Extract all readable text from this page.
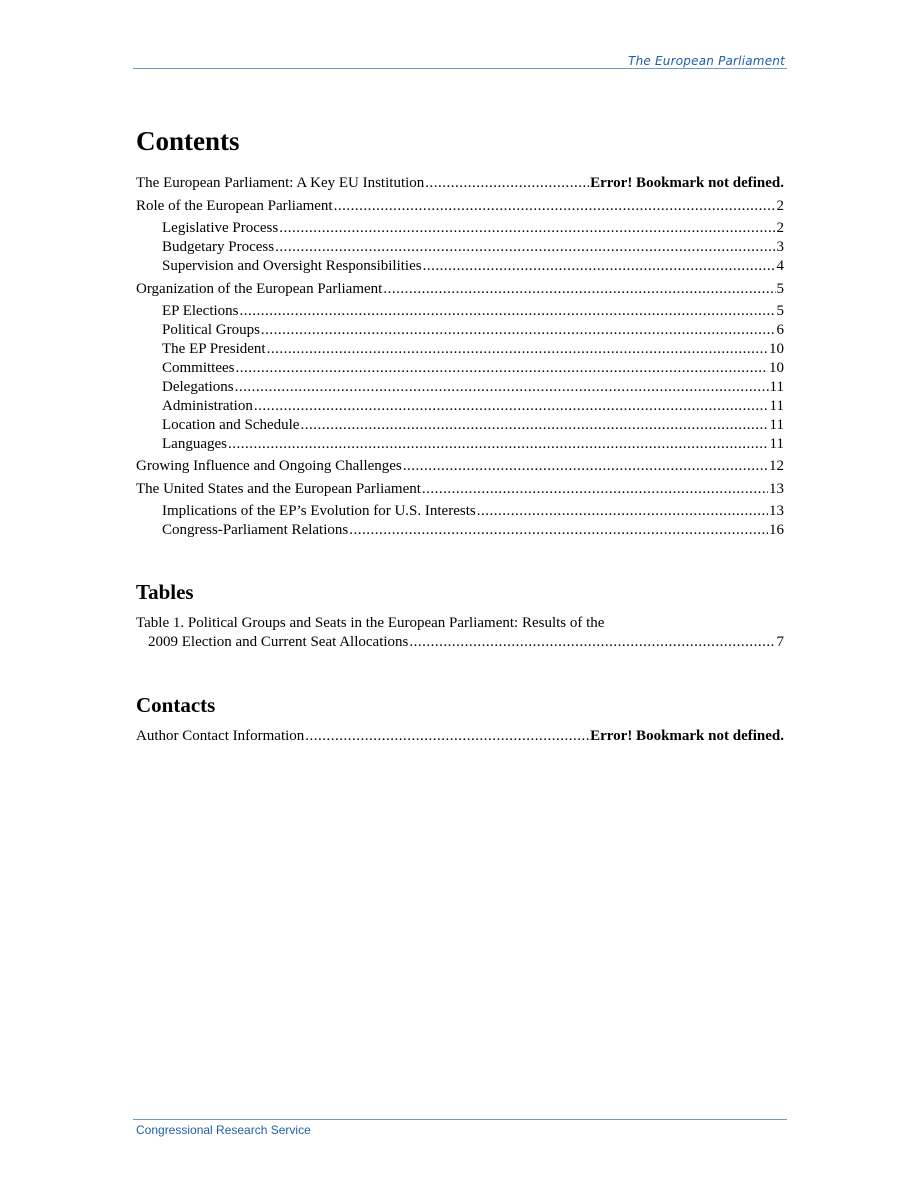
The European Parliament
Contents
The European Parliament: A Key EU Institution .....	Error! Bookmark not defined.
Role of the European Parliament .....	2
Legislative Process .....	2
Budgetary Process .....	3
Supervision and Oversight Responsibilities .....	4
Organization of the European Parliament .....	5
EP Elections .....	5
Political Groups .....	6
The EP President .....	10
Committees .....	10
Delegations .....	11
Administration .....	11
Location and Schedule .....	11
Languages .....	11
Growing Influence and Ongoing Challenges .....	12
The United States and the European Parliament .....	13
Implications of the EP’s Evolution for U.S. Interests .....	13
Congress-Parliament Relations .....	16
Tables
Table 1. Political Groups and Seats in the European Parliament: Results of the
2009 Election and Current Seat Allocations .....	7
Contacts
Author Contact Information .....	Error! Bookmark not defined.
Congressional Research Service
